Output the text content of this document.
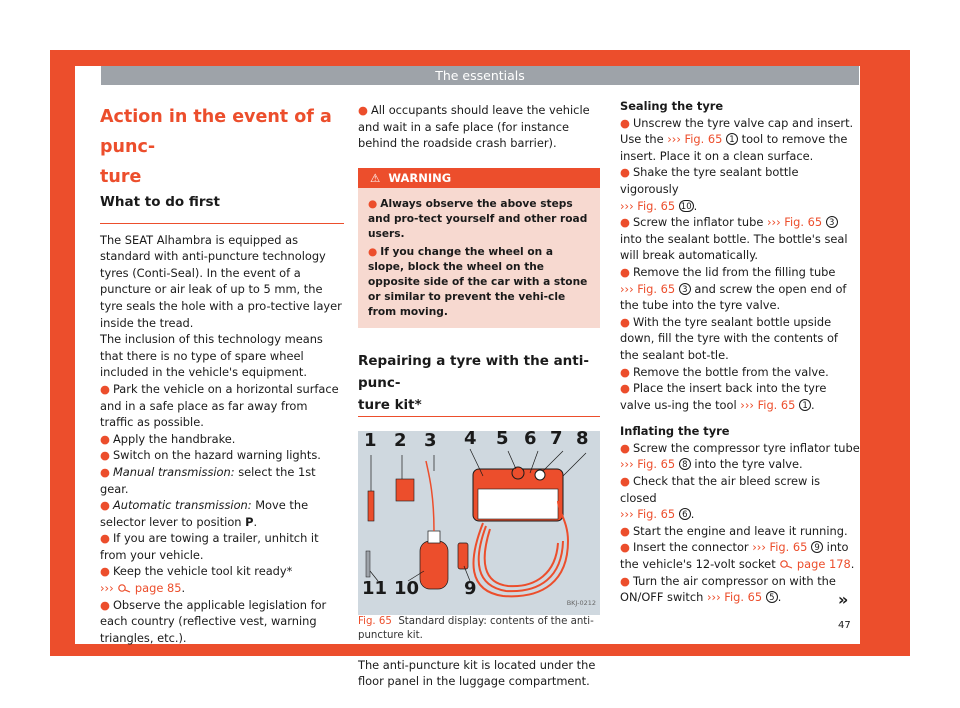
The essentials
Action in the event of a punc-
ture
What to do first

The SEAT Alhambra is equipped as standard with anti-puncture technology tyres (Conti-Seal). In the event of a puncture or air leak of up to 5 mm, the tyre seals the hole with a pro-tective layer inside the tread.

The inclusion of this technology means that there is no type of spare wheel included in the vehicle's equipment.

● Park the vehicle on a horizontal surface and in a safe place as far away from traffic as possible.

● Apply the handbrake.

● Switch on the hazard warning lights.

● Manual transmission: select the 1st gear.

● Automatic transmission: Move the selector lever to position P.

● If you are towing a trailer, unhitch it from your vehicle.

● Keep the vehicle tool kit ready*
››› page 85.

● Observe the applicable legislation for each country (reflective vest, warning triangles, etc.).

● All occupants should leave the vehicle and wait in a safe place (for instance behind the roadside crash barrier).

⚠ WARNING

● Always observe the above steps and pro-tect yourself and other road users.

● If you change the wheel on a slope, block the wheel on the opposite side of the car with a stone or similar to prevent the vehi-cle from moving.

Repairing a tyre with the anti-punc-
ture kit*
1 2 3 4 5 6 7 8
9
10
11
BKJ-0212

Fig. 65 Standard display: contents of the anti-puncture kit.

The anti-puncture kit is located under the floor panel in the luggage compartment.

Sealing the tyre

● Unscrew the tyre valve cap and insert. Use the ››› Fig. 65 1 tool to remove the insert. Place it on a clean surface.

● Shake the tyre sealant bottle vigorously
››› Fig. 65 10 .

● Screw the inflator tube ››› Fig. 65 3 into the sealant bottle. The bottle's seal will break automatically.

● Remove the lid from the filling tube
››› Fig. 65 3 and screw the open end of the tube into the tyre valve.

● With the tyre sealant bottle upside down, fill the tyre with the contents of the sealant bot-tle.

● Remove the bottle from the valve.

● Place the insert back into the tyre valve us-ing the tool ››› Fig. 65 1 .

Inflating the tyre

● Screw the compressor tyre inflator tube
››› Fig. 65 8 into the tyre valve.

● Check that the air bleed screw is closed
››› Fig. 65 6 .

● Start the engine and leave it running.

● Insert the connector ››› Fig. 65 9 into the vehicle's 12-volt socket  page 178.

● Turn the air compressor on with the ON/OFF switch ››› Fig. 65 5 .	»
47
